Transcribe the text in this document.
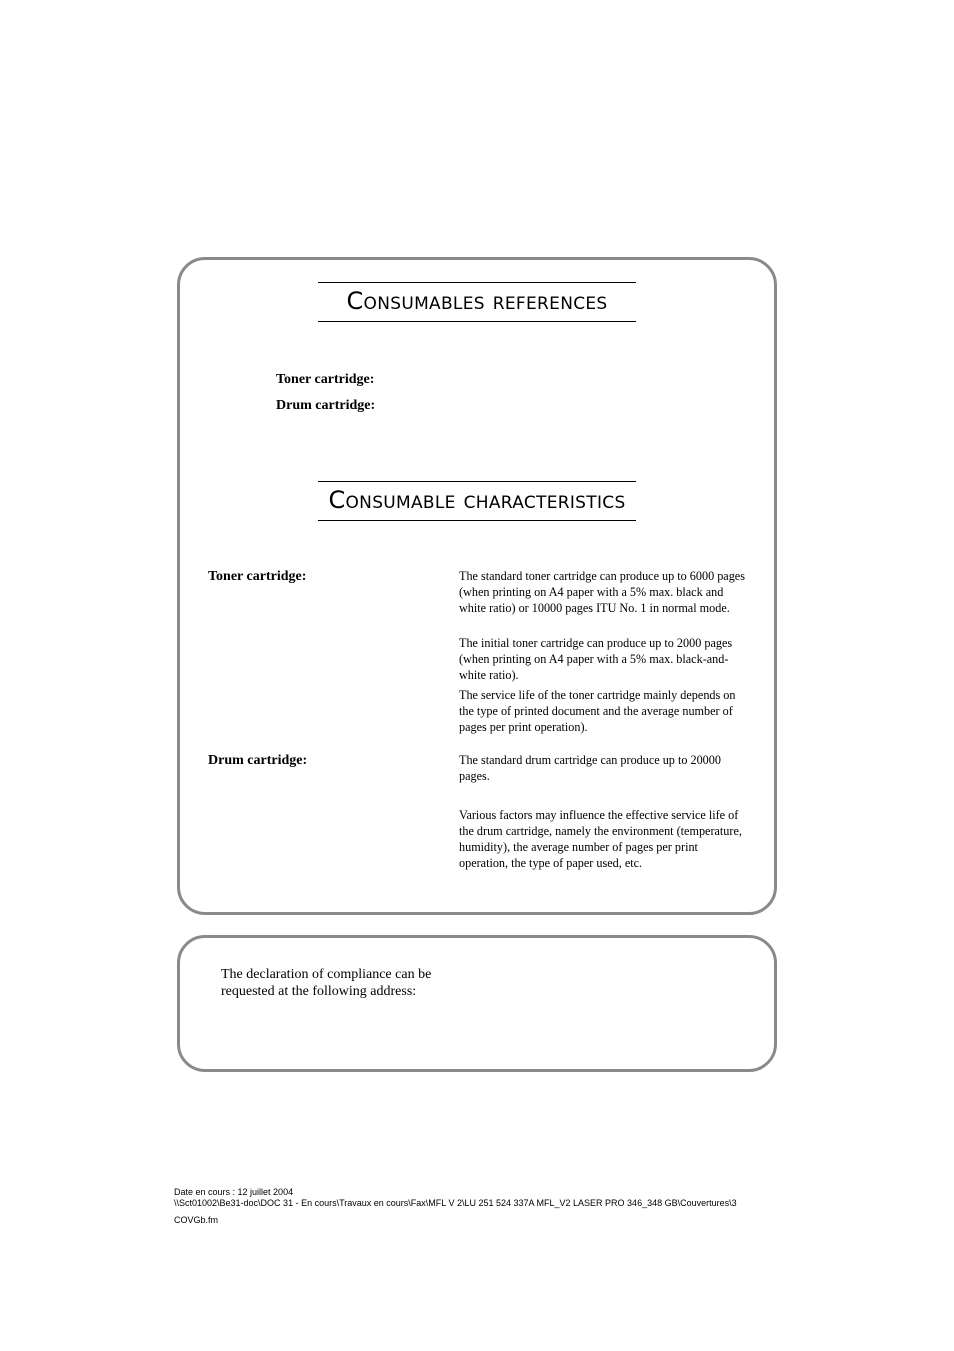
Consumables references
Toner cartridge:
Drum cartridge:
Consumable characteristics
Toner cartridge:	The standard toner cartridge can produce up to 6000 pages (when printing on A4 paper with a 5% max. black and white ratio) or 10000 pages ITU No. 1 in normal mode.

The initial toner cartridge can produce up to 2000 pages (when printing on A4 paper with a 5% max. black-and-white ratio).

The service life of the toner cartridge mainly depends on the type of printed document and the average number of pages per print operation).

Drum cartridge:	The standard drum cartridge can produce up to 20000 pages.

Various factors may influence the effective service life of the drum cartridge, namely the environment (temperature, humidity), the average number of pages per print operation, the type of paper used, etc.

The declaration of compliance can be requested at the following address:

Date en cours : 12 juillet 2004
\\Sct01002\Be31-doc\DOC 31 - En cours\Travaux en cours\Fax\MFL V 2\LU 251 524 337A MFL_V2 LASER PRO 346_348 GB\Couvertures\3
COVGb.fm
